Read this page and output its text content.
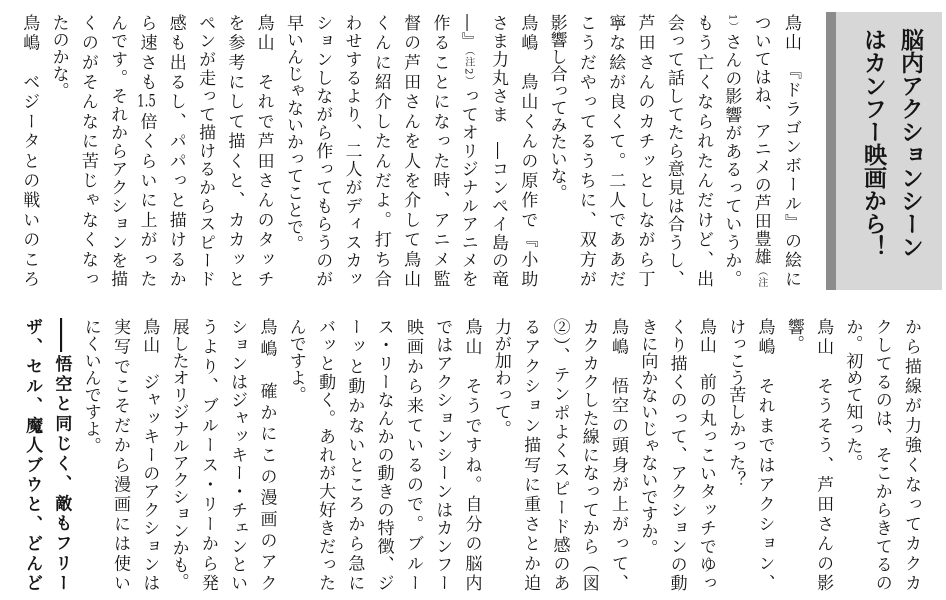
脳内アクションシーン
はカンフー映画から！
鳥山　『ドラゴンボール』の絵に
ついてはね、アニメの芦田豊雄（注
1）さんの影響があるっていうか。
もう亡くなられたんだけど、出
会って話してたら意見は合うし、
芦田さんのカチッとしながら丁
寧な絵が良くて。二人でああだ
こうだやってるうちに、双方が
影響し合ってみたいな。
鳥嶋　鳥山くんの原作で『小助
さま力丸さま　―コンペイ島の竜
―』（注2）ってオリジナルアニメを
作ることになった時、アニメ監
督の芦田さんを人を介して鳥山
くんに紹介したんだよ。打ち合
わせするより、二人がディスカッ
ションしながら作ってもらうのが
早いんじゃないかってことで。
鳥山　それで芦田さんのタッチ
を参考にして描くと、カカッと
ペンが走って描けるからスピード
感も出るし、パパっと描けるか
ら速さも1.5倍くらいに上がった
んです。それからアクションを描
くのがそんなに苦じゃなくなっ
たのかな。
鳥嶋　ベジータとの戦いのころ
から描線が力強くなってカクカ
クしてるのは、そこからきてるの
か。初めて知った。
鳥山　そうそう、芦田さんの影
響。
鳥嶋　それまではアクション、
けっこう苦しかった？
鳥山　前の丸っこいタッチでゆっ
くり描くのって、アクションの動
きに向かないじゃないですか。
鳥嶋　悟空の頭身が上がって、
カクカクした線になってから（図
②）、テンポよくスピード感のあ
るアクション描写に重さとか迫
力が加わって。
鳥山　そうですね。自分の脳内
ではアクションシーンはカンフー
映画から来ているので。ブルー
ス・リーなんかの動きの特徴、ジ
ーッと動かないところから急に
バッと動く。あれが大好きだった
んですよ。
鳥嶋　確かにこの漫画のアク
ションはジャッキー・チェンとい
うより、ブルース・リーから発
展したオリジナルアクションかも。
鳥山　ジャッキーのアクションは
実写でこそだから漫画には使い
にくいんですよ。
――悟空と同じく、敵もフリー
ザ、セル、魔人ブウと、どんど
